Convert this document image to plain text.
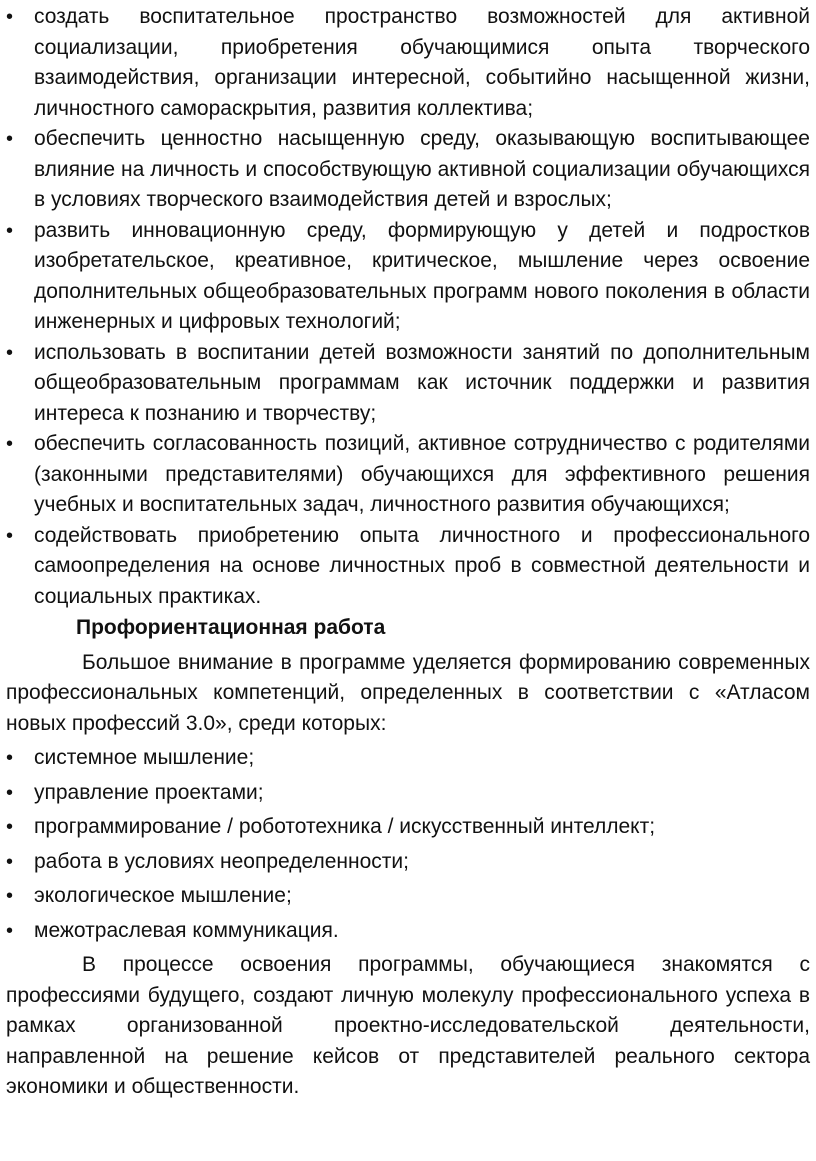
• создать воспитательное пространство возможностей для активной социализации, приобретения обучающимися опыта творческого взаимодействия, организации интересной, событийно насыщенной жизни, личностного самораскрытия, развития коллектива;
• обеспечить ценностно насыщенную среду, оказывающую воспитывающее влияние на личность и способствующую активной социализации обучающихся в условиях творческого взаимодействия детей и взрослых;
• развить инновационную среду, формирующую у детей и подростков изобретательское, креативное, критическое, мышление через освоение дополнительных общеобразовательных программ нового поколения в области инженерных и цифровых технологий;
• использовать в воспитании детей возможности занятий по дополнительным общеобразовательным программам как источник поддержки и развития интереса к познанию и творчеству;
• обеспечить согласованность позиций, активное сотрудничество с родителями (законными представителями) обучающихся для эффективного решения учебных и воспитательных задач, личностного развития обучающихся;
• содействовать приобретению опыта личностного и профессионального самоопределения на основе личностных проб в совместной деятельности и социальных практиках.
Профориентационная работа

Большое внимание в программе уделяется формированию современных профессиональных компетенций, определенных в соответствии с «Атласом новых профессий 3.0», среди которых:

• системное мышление;
• управление проектами;
• программирование / робототехника / искусственный интеллект;
• работа в условиях неопределенности;
• экологическое мышление;
• межотраслевая коммуникация.

В процессе освоения программы, обучающиеся знакомятся с профессиями будущего, создают личную молекулу профессионального успеха в рамках организованной проектно-исследовательской деятельности, направленной на решение кейсов от представителей реального сектора экономики и общественности.
